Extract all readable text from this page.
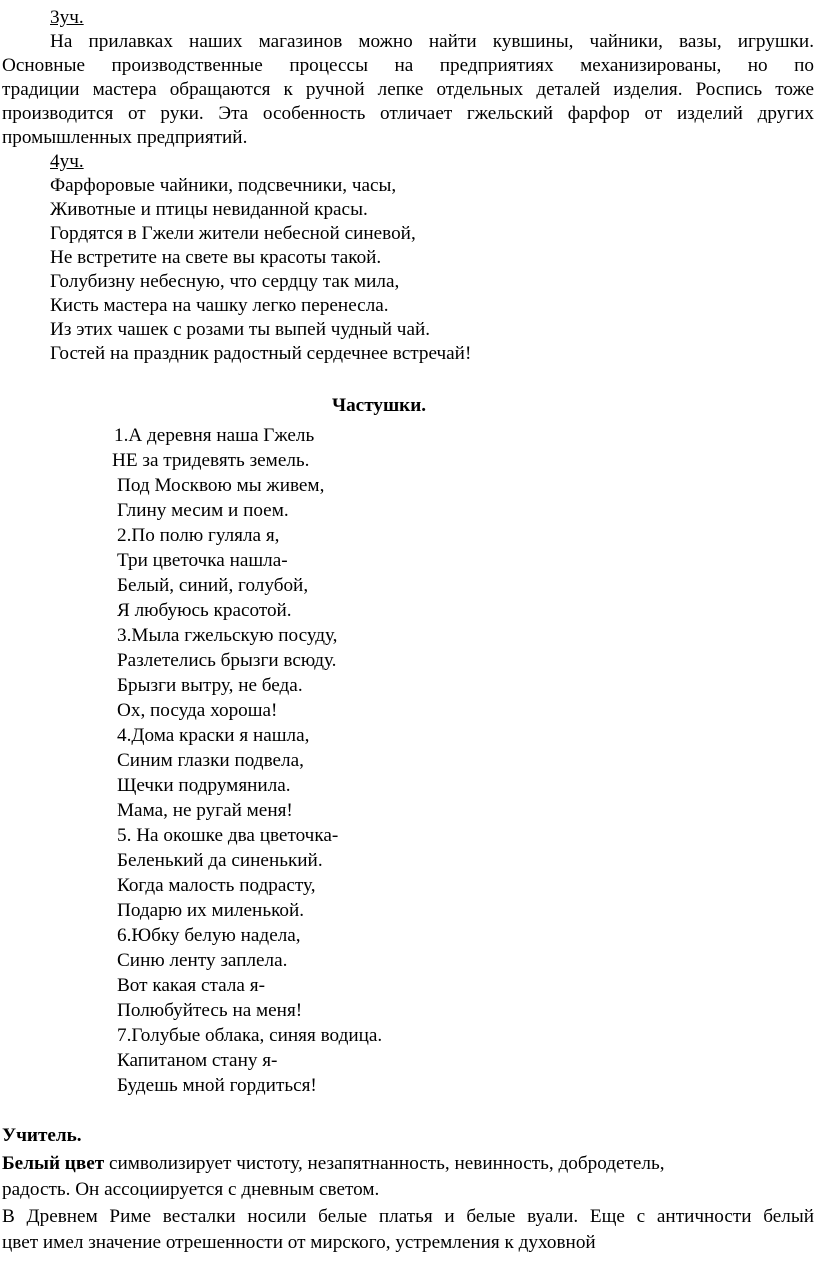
3уч.
На прилавках наших магазинов можно найти кувшины, чайники, вазы, игрушки.
Основные производственные процессы на предприятиях механизированы, но по
традиции мастера обращаются к ручной лепке отдельных деталей изделия. Роспись тоже
производится от руки. Эта особенность отличает гжельский фарфор от изделий других
промышленных предприятий.
4уч.
Фарфоровые чайники, подсвечники, часы,
Животные и птицы невиданной красы.
Гордятся в Гжели жители небесной синевой,
Не встретите на свете вы красоты такой.
Голубизну небесную, что сердцу так мила,
Кисть мастера на чашку легко перенесла.
Из этих чашек с розами ты выпей чудный чай.
Гостей на праздник радостный сердечнее встречай!
Частушки.
1.А деревня наша Гжель
НЕ за тридевять земель.
Под Москвою мы живем,
Глину месим и поем.
2.По полю гуляла я,
Три цветочка нашла-
Белый, синий, голубой,
Я любуюсь красотой.
3.Мыла гжельскую посуду,
Разлетелись брызги всюду.
Брызги вытру, не беда.
Ох, посуда хороша!
4.Дома краски я нашла,
Синим глазки подвела,
Щечки подрумянила.
Мама, не ругай меня!
5. На окошке два цветочка-
Беленький да синенький.
Когда малость подрасту,
Подарю их миленькой.
6.Юбку белую надела,
Синю ленту заплела.
Вот какая стала я-
Полюбуйтесь на меня!
7.Голубые облака, синяя водица.
Капитаном стану я-
Будешь мной гордиться!
Учитель.
Белый цвет символизирует чистоту, незапятнанность, невинность, добродетель,
радость. Он ассоциируется с дневным светом.
В Древнем Риме весталки носили белые платья и белые вуали. Еще с античности белый
цвет имел значение отрешенности от мирского, устремления к духовной
